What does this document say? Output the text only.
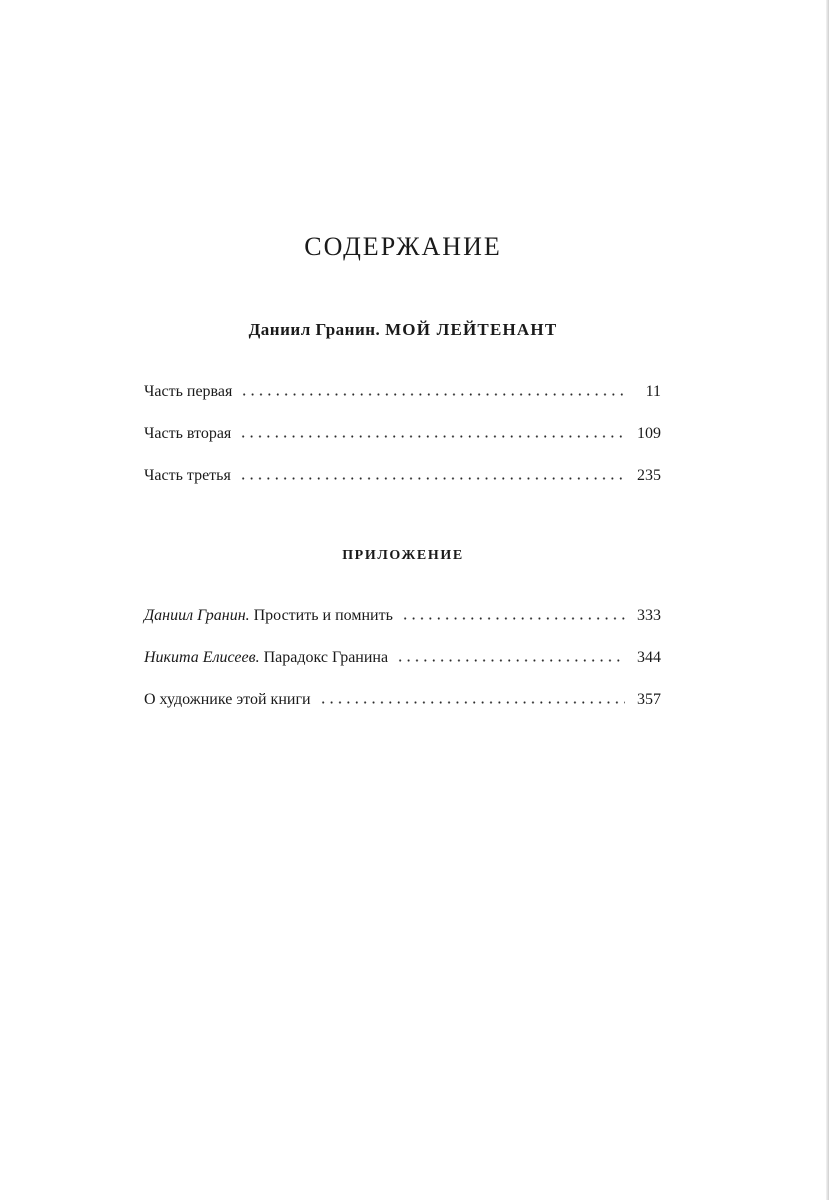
СОДЕРЖАНИЕ
Даниил Гранин. МОЙ ЛЕЙТЕНАНТ
Часть первая	11
Часть вторая	109
Часть третья	235
ПРИЛОЖЕНИЕ
Даниил Гранин. Простить и помнить	333
Никита Елисеев. Парадокс Гранина	344
О художнике этой книги	357
